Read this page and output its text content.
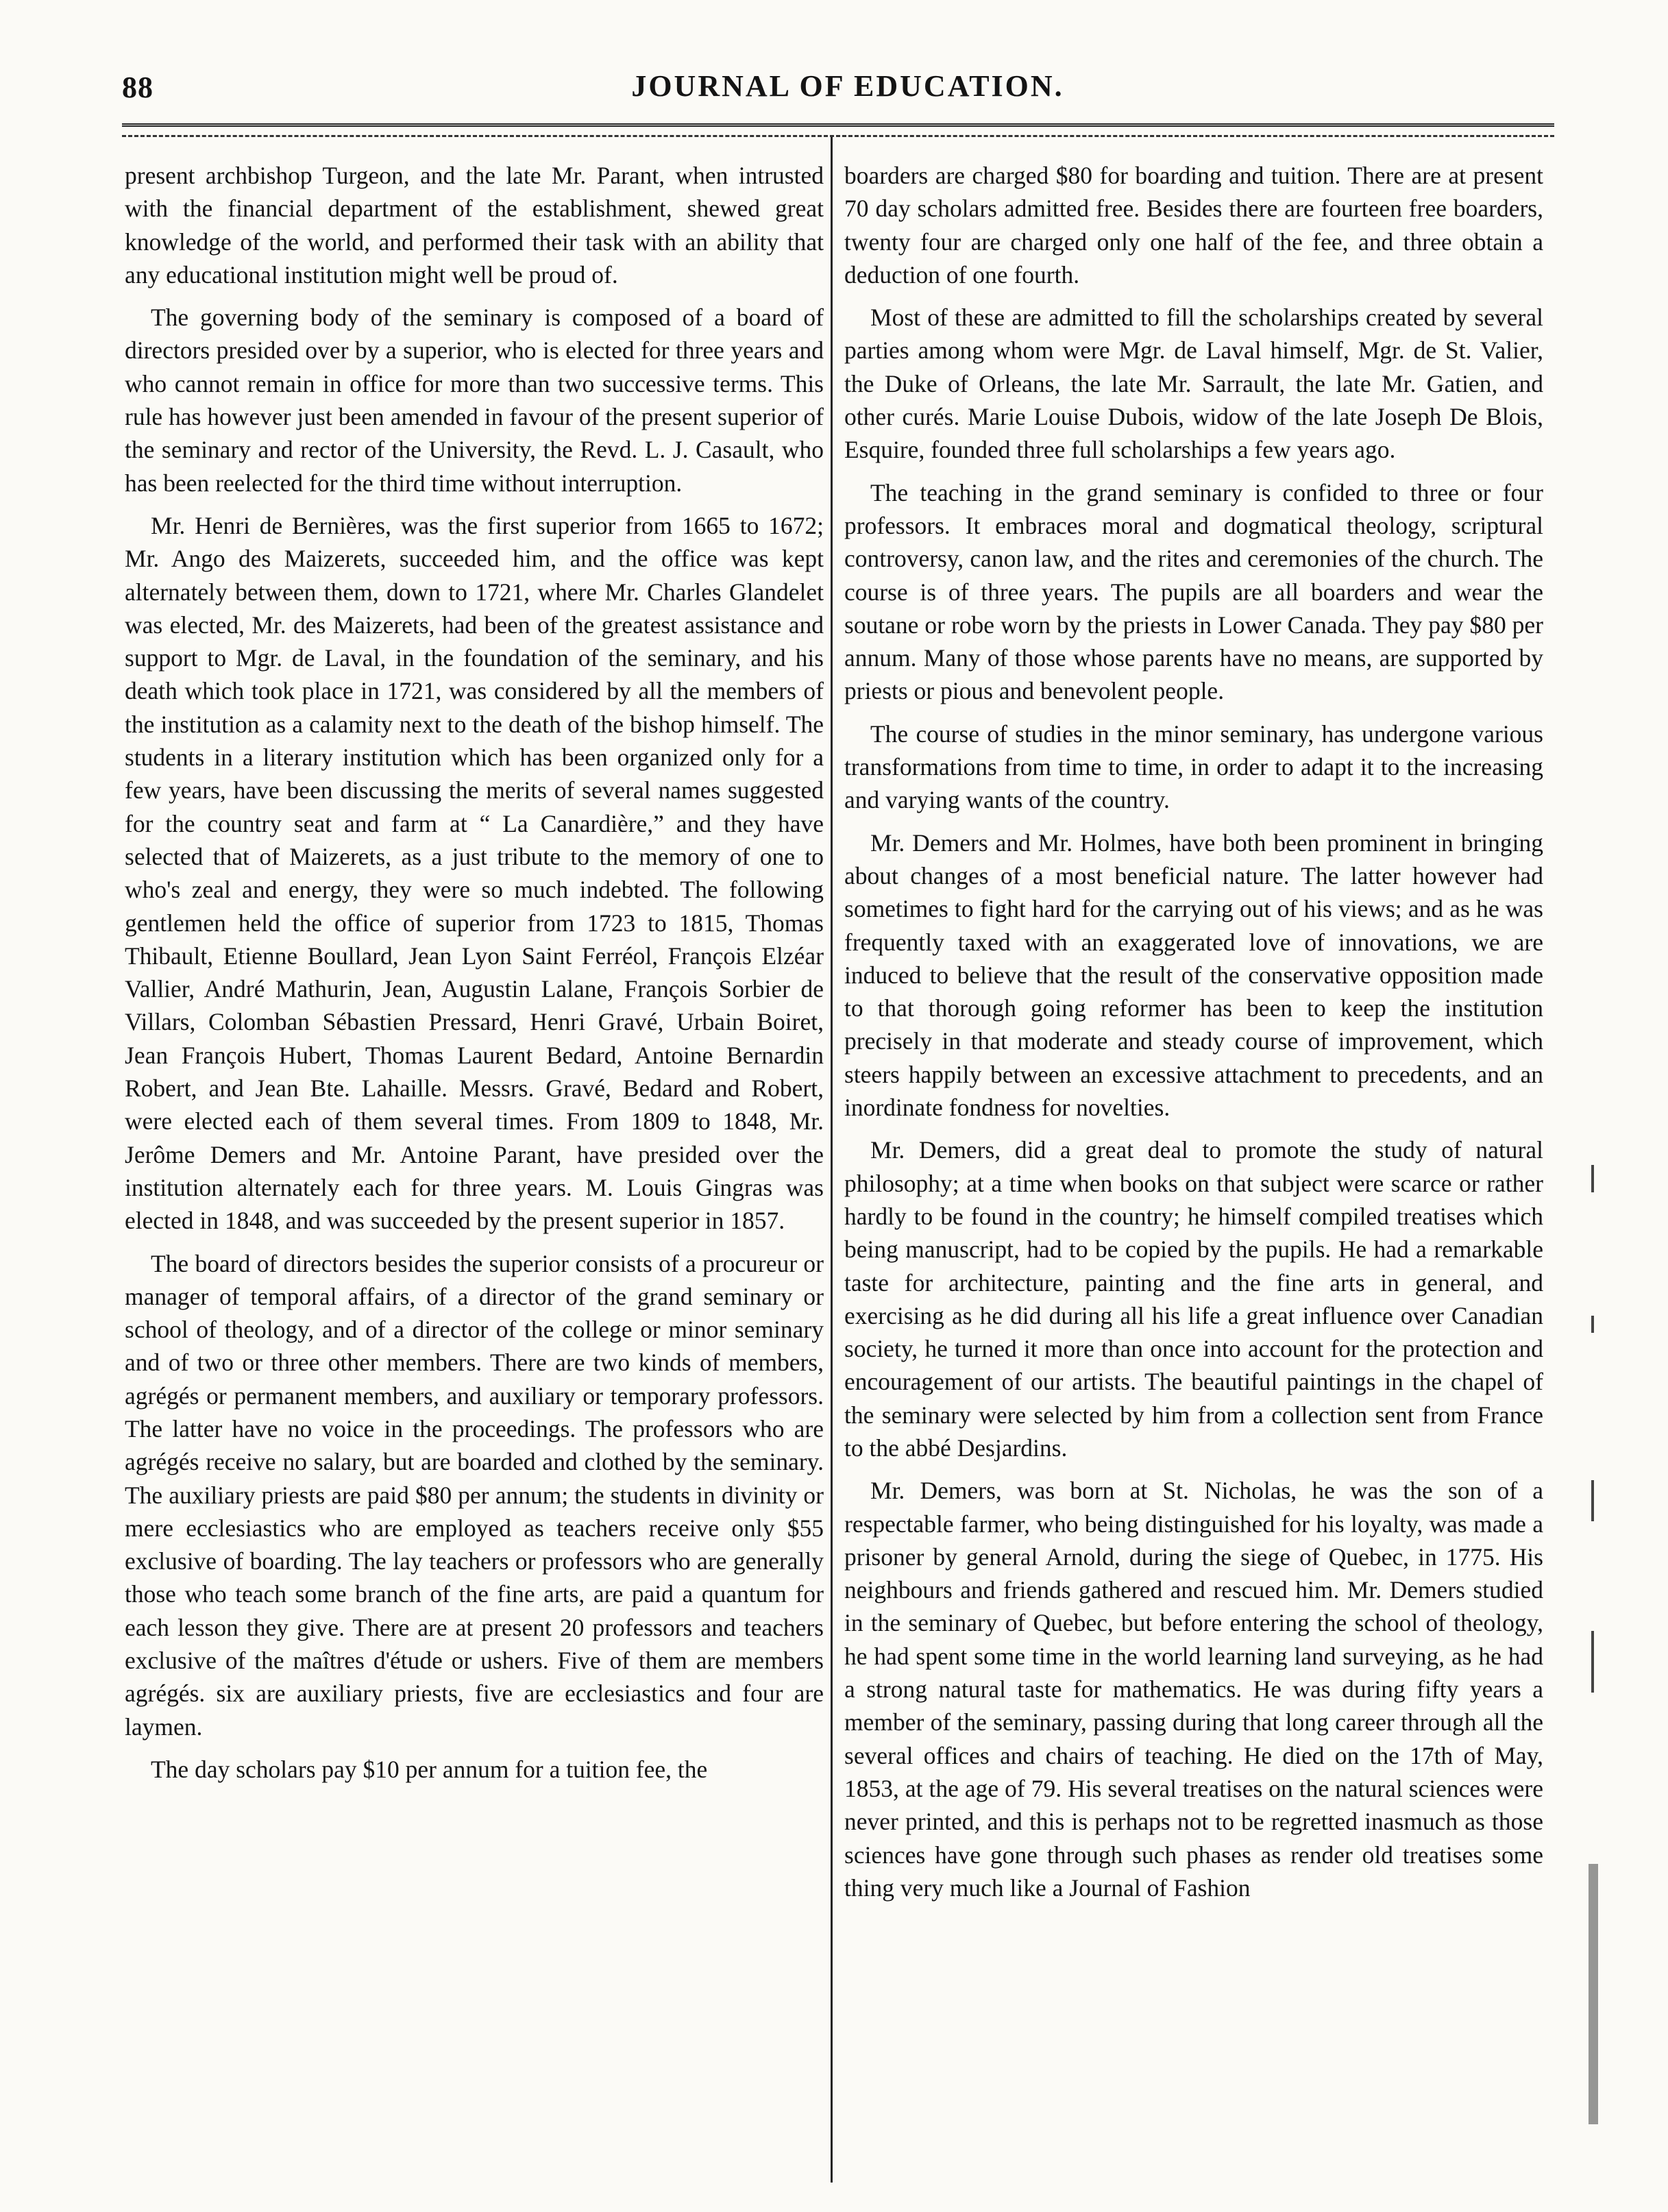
88	JOURNAL OF EDUCATION.

present archbishop Turgeon, and the late Mr. Parant, when intrusted with the financial department of the establishment, shewed great knowledge of the world, and performed their task with an ability that any educational institution might well be proud of.

The governing body of the seminary is composed of a board of directors presided over by a superior, who is elected for three years and who cannot remain in office for more than two successive terms. This rule has however just been amended in favour of the present superior of the seminary and rector of the University, the Revd. L. J. Casault, who has been reelected for the third time without interruption.

Mr. Henri de Bernières, was the first superior from 1665 to 1672; Mr. Ango des Maizerets, succeeded him, and the office was kept alternately between them, down to 1721, where Mr. Charles Glandelet was elected, Mr. des Maizerets, had been of the greatest assistance and support to Mgr. de Laval, in the foundation of the seminary, and his death which took place in 1721, was considered by all the members of the institution as a calamity next to the death of the bishop himself. The students in a literary institution which has been organized only for a few years, have been discussing the merits of several names suggested for the country seat and farm at “ La Canardière,” and they have selected that of Maizerets, as a just tribute to the memory of one to who's zeal and energy, they were so much indebted. The following gentlemen held the office of superior from 1723 to 1815, Thomas Thibault, Etienne Boullard, Jean Lyon Saint Ferréol, François Elzéar Vallier, André Mathurin, Jean, Augustin Lalane, François Sorbier de Villars, Colomban Sébastien Pressard, Henri Gravé, Urbain Boiret, Jean François Hubert, Thomas Laurent Bedard, Antoine Bernardin Robert, and Jean Bte. Lahaille. Messrs. Gravé, Bedard and Robert, were elected each of them several times. From 1809 to 1848, Mr. Jerôme Demers and Mr. Antoine Parant, have presided over the institution alternately each for three years. M. Louis Gingras was elected in 1848, and was succeeded by the present superior in 1857.

The board of directors besides the superior consists of a procureur or manager of temporal affairs, of a director of the grand seminary or school of theology, and of a director of the college or minor seminary and of two or three other members. There are two kinds of members, agrégés or permanent members, and auxiliary or temporary professors. The latter have no voice in the proceedings. The professors who are agrégés receive no salary, but are boarded and clothed by the seminary. The auxiliary priests are paid $80 per annum; the students in divinity or mere ecclesiastics who are employed as teachers receive only $55 exclusive of boarding. The lay teachers or professors who are generally those who teach some branch of the fine arts, are paid a quantum for each lesson they give. There are at present 20 professors and teachers exclusive of the maîtres d'étude or ushers. Five of them are members agrégés. six are auxiliary priests, five are ecclesiastics and four are laymen.

The day scholars pay $10 per annum for a tuition fee, the

boarders are charged $80 for boarding and tuition. There are at present 70 day scholars admitted free. Besides there are fourteen free boarders, twenty four are charged only one half of the fee, and three obtain a deduction of one fourth.

Most of these are admitted to fill the scholarships created by several parties among whom were Mgr. de Laval himself, Mgr. de St. Valier, the Duke of Orleans, the late Mr. Sarrault, the late Mr. Gatien, and other curés. Marie Louise Dubois, widow of the late Joseph De Blois, Esquire, founded three full scholarships a few years ago.

The teaching in the grand seminary is confided to three or four professors. It embraces moral and dogmatical theology, scriptural controversy, canon law, and the rites and ceremonies of the church. The course is of three years. The pupils are all boarders and wear the soutane or robe worn by the priests in Lower Canada. They pay $80 per annum. Many of those whose parents have no means, are supported by priests or pious and benevolent people.

The course of studies in the minor seminary, has undergone various transformations from time to time, in order to adapt it to the increasing and varying wants of the country.

Mr. Demers and Mr. Holmes, have both been prominent in bringing about changes of a most beneficial nature. The latter however had sometimes to fight hard for the carrying out of his views; and as he was frequently taxed with an exaggerated love of innovations, we are induced to believe that the result of the conservative opposition made to that thorough going reformer has been to keep the institution precisely in that moderate and steady course of improvement, which steers happily between an excessive attachment to precedents, and an inordinate fondness for novelties.

Mr. Demers, did a great deal to promote the study of natural philosophy; at a time when books on that subject were scarce or rather hardly to be found in the country; he himself compiled treatises which being manuscript, had to be copied by the pupils. He had a remarkable taste for architecture, painting and the fine arts in general, and exercising as he did during all his life a great influence over Canadian society, he turned it more than once into account for the protection and encouragement of our artists. The beautiful paintings in the chapel of the seminary were selected by him from a collection sent from France to the abbé Desjardins.

Mr. Demers, was born at St. Nicholas, he was the son of a respectable farmer, who being distinguished for his loyalty, was made a prisoner by general Arnold, during the siege of Quebec, in 1775. His neighbours and friends gathered and rescued him. Mr. Demers studied in the seminary of Quebec, but before entering the school of theology, he had spent some time in the world learning land surveying, as he had a strong natural taste for mathematics. He was during fifty years a member of the seminary, passing during that long career through all the several offices and chairs of teaching. He died on the 17th of May, 1853, at the age of 79. His several treatises on the natural sciences were never printed, and this is perhaps not to be regretted inasmuch as those sciences have gone through such phases as render old treatises some thing very much like a Journal of Fashion
